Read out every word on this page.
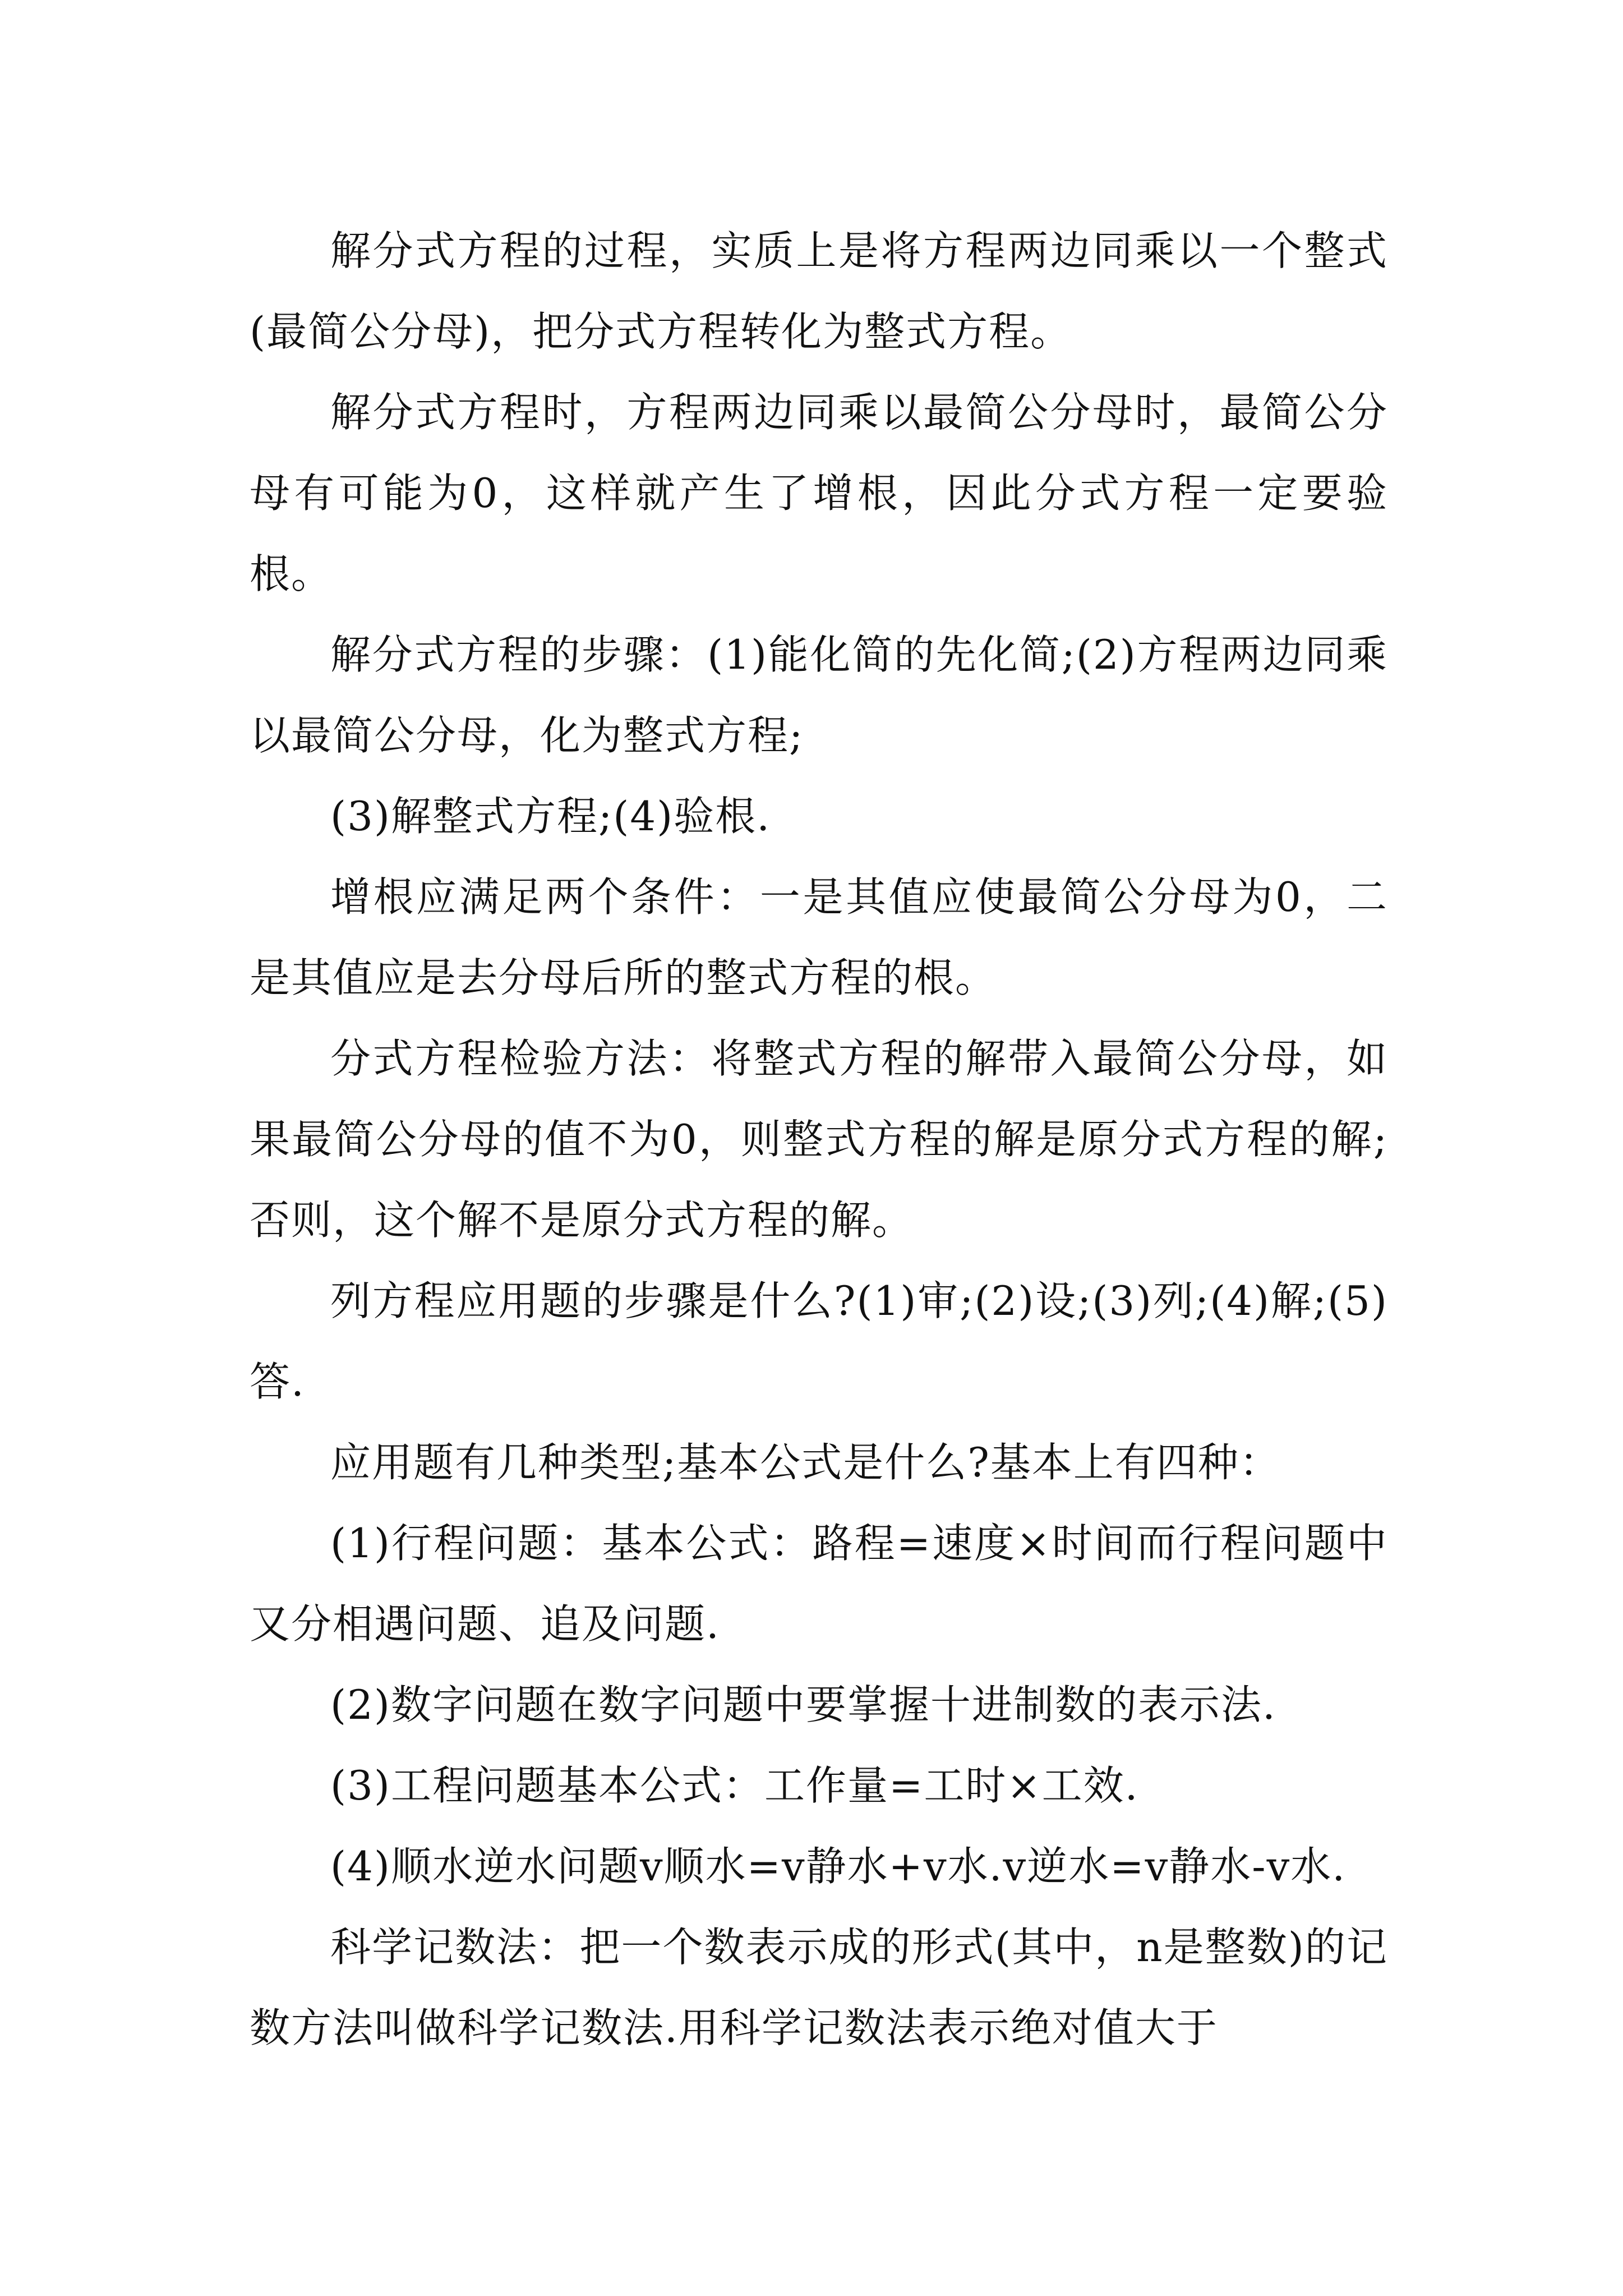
解分式方程的过程，实质上是将方程两边同乘以一个整式(最简公分母)，把分式方程转化为整式方程。

解分式方程时，方程两边同乘以最简公分母时，最简公分母有可能为0，这样就产生了增根，因此分式方程一定要验根。

解分式方程的步骤：(1)能化简的先化简;(2)方程两边同乘以最简公分母，化为整式方程;

(3)解整式方程;(4)验根.

增根应满足两个条件：一是其值应使最简公分母为0，二是其值应是去分母后所的整式方程的根。

分式方程检验方法：将整式方程的解带入最简公分母，如果最简公分母的值不为0，则整式方程的解是原分式方程的解;否则，这个解不是原分式方程的解。

列方程应用题的步骤是什么?(1)审;(2)设;(3)列;(4)解;(5)答.

应用题有几种类型;基本公式是什么?基本上有四种：

(1)行程问题：基本公式：路程=速度×时间而行程问题中又分相遇问题、追及问题.

(2)数字问题在数字问题中要掌握十进制数的表示法.

(3)工程问题基本公式：工作量=工时×工效.

(4)顺水逆水问题v顺水=v静水+v水.v逆水=v静水-v水.

科学记数法：把一个数表示成的形式(其中，n是整数)的记数方法叫做科学记数法.用科学记数法表示绝对值大于
